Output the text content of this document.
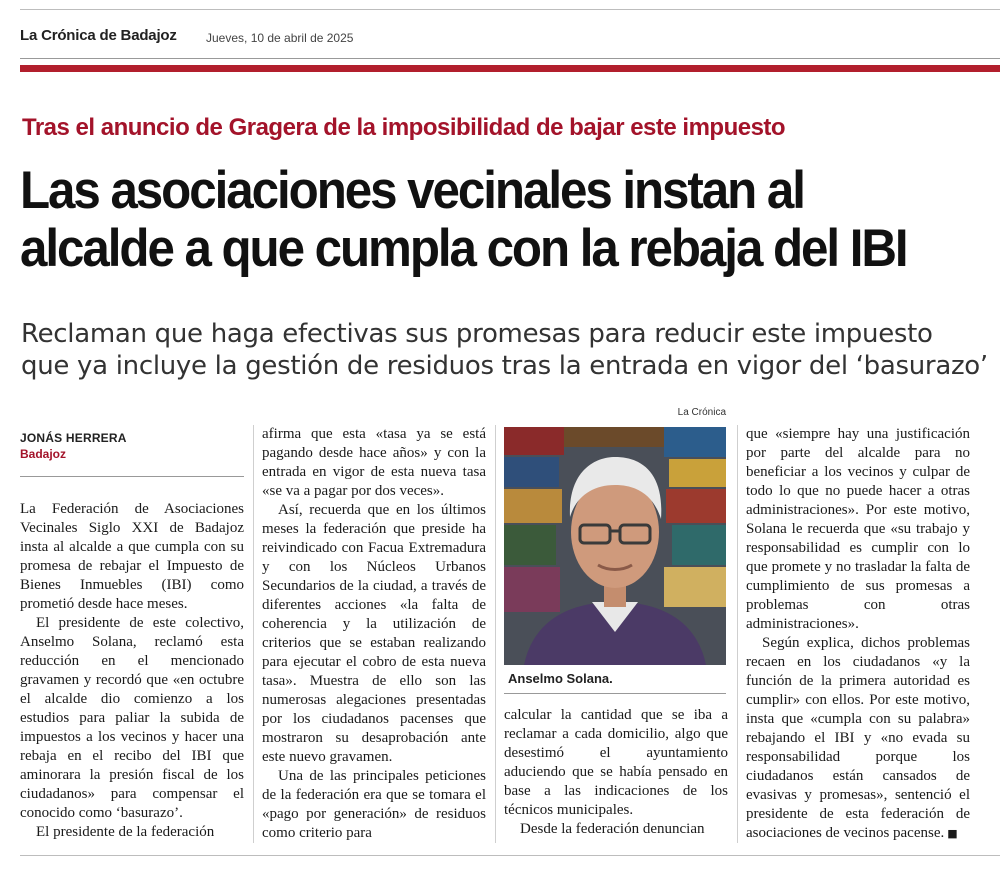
La Crónica de Badajoz Jueves, 10 de abril de 2025
Tras el anuncio de Gragera de la imposibilidad de bajar este impuesto
Las asociaciones vecinales instan al
alcalde a que cumpla con la rebaja del IBI
Reclaman que haga efectivas sus promesas para reducir este impuesto
que ya incluye la gestión de residuos tras la entrada en vigor del ‘basurazo’
JONÁS HERRERA
Badajoz

La Federación de Asociaciones Vecinales Siglo XXI de Badajoz insta al alcalde a que cumpla con su promesa de rebajar el Impuesto de Bienes Inmuebles (IBI) como prometió desde hace meses.

El presidente de este colectivo, Anselmo Solana, reclamó esta reducción en el mencionado gravamen y recordó que «en octubre el alcalde dio comienzo a los estudios para paliar la subida de impuestos a los vecinos y hacer una rebaja en el recibo del IBI que aminorara la presión fiscal de los ciudadanos» para compensar el conocido como ‘basurazo’.

El presidente de la federación

afirma que esta «tasa ya se está pagando desde hace años» y con la entrada en vigor de esta nueva tasa «se va a pagar por dos veces».

Así, recuerda que en los últimos meses la federación que preside ha reivindicado con Facua Extremadura y con los Núcleos Urbanos Secundarios de la ciudad, a través de diferentes acciones «la falta de coherencia y la utilización de criterios que se estaban realizando para ejecutar el cobro de esta nueva tasa». Muestra de ello son las numerosas alegaciones presentadas por los ciudadanos pacenses que mostraron su desaprobación ante este nuevo gravamen.

Una de las principales peticiones de la federación era que se tomara el «pago por generación» de residuos como criterio para

La Crónica
Anselmo Solana.

calcular la cantidad que se iba a reclamar a cada domicilio, algo que desestimó el ayuntamiento aduciendo que se había pensado en base a las indicaciones de los técnicos municipales.

Desde la federación denuncian

que «siempre hay una justificación por parte del alcalde para no beneficiar a los vecinos y culpar de todo lo que no puede hacer a otras administraciones». Por este motivo, Solana le recuerda que «su trabajo y responsabilidad es cumplir con lo que promete y no trasladar la falta de cumplimiento de sus promesas a problemas con otras administraciones».

Según explica, dichos problemas recaen en los ciudadanos «y la función de la primera autoridad es cumplir» con ellos. Por este motivo, insta que «cumpla con su palabra» rebajando el IBI y «no evada su responsabilidad porque los ciudadanos están cansados de evasivas y promesas», sentenció el presidente de esta federación de asociaciones de vecinos pacense. ■
